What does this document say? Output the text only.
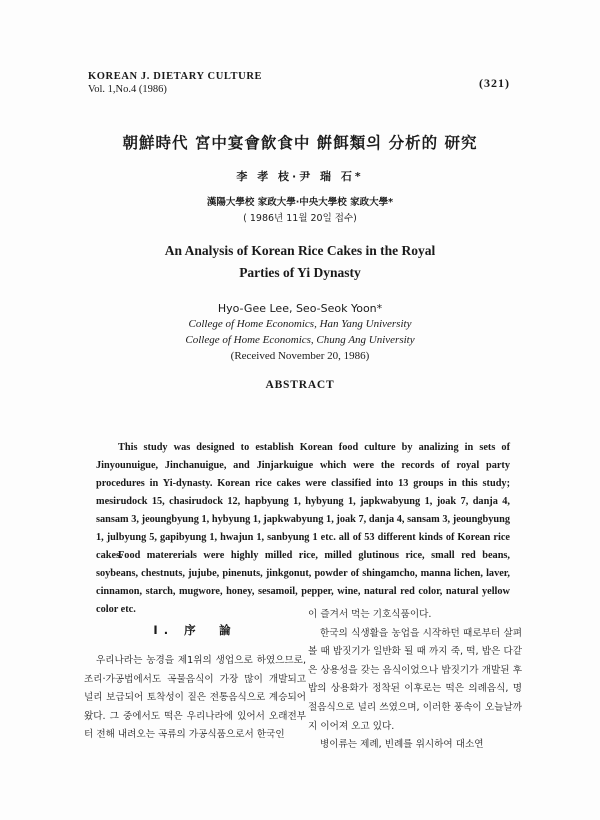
KOREAN J. DIETARY CULTURE
Vol. 1,No.4 (1986)	(321)
朝鮮時代 宮中宴會飮食中 餠餌類의 分析的 研究
李 孝 枝·尹 瑞 石*
漢陽大學校 家政大學·中央大學校 家政大學*
( 1986년 11월 20일 접수)
An Analysis of Korean Rice Cakes in the Royal
Parties of Yi Dynasty
Hyo-Gee Lee, Seo-Seok Yoon*
College of Home Economics, Han Yang University
College of Home Economics, Chung Ang University
(Received November 20, 1986)
ABSTRACT

This study was designed to establish Korean food culture by analizing in sets of Jinyounuigue, Jinchanuigue, and Jinjarkuigue which were the records of royal party procedures in Yi-dynasty. Korean rice cakes were classified into 13 groups in this study; mesirudock 15, chasirudock 12, hapbyung 1, hybyung 1, japkwabyung 1, joak 7, danja 4, sansam 3, jeoungbyung 1, hybyung 1, japkwabyung 1, joak 7, danja 4, sansam 3, jeoungbyung 1, julbyung 5, gapibyung 1, hwajun 1, sanbyung 1 etc. all of 53 different kinds of Korean rice cakes.

Food matererials were highly milled rice, milled glutinous rice, small red beans, soybeans, chestnuts, jujube, pinenuts, jinkgonut, powder of shingamcho, manna lichen, laver, cinnamon, starch, mugwore, honey, sesamoil, pepper, wine, natural red color, natural yellow color etc.

Ⅰ. 序　論

우리나라는 농경을 제1위의 생업으로 하였으므로, 조리·가공법에서도 곡물음식이 가장 많이 개발되고 널리 보급되어 토착성이 짙은 전통음식으로 계승되어왔다. 그 중에서도 떡은 우리나라에 있어서 오래전부터 전해 내려오는 곡류의 가공식품으로서 한국인

이 즐겨서 먹는 기호식품이다.

한국의 식생활을 농업을 시작하던 때로부터 살펴 볼 때 밥짓기가 일반화 될 때 까지 죽, 떡, 밥은 다같은 상용성을 갖는 음식이었으나 밥짓기가 개발된 후 밥의 상용화가 정착된 이후로는 떡은 의례음식, 명절음식으로 널리 쓰였으며, 이러한 풍속이 오늘날까지 이어져 오고 있다.

병이류는 제례, 빈례를 위시하여 대소연
